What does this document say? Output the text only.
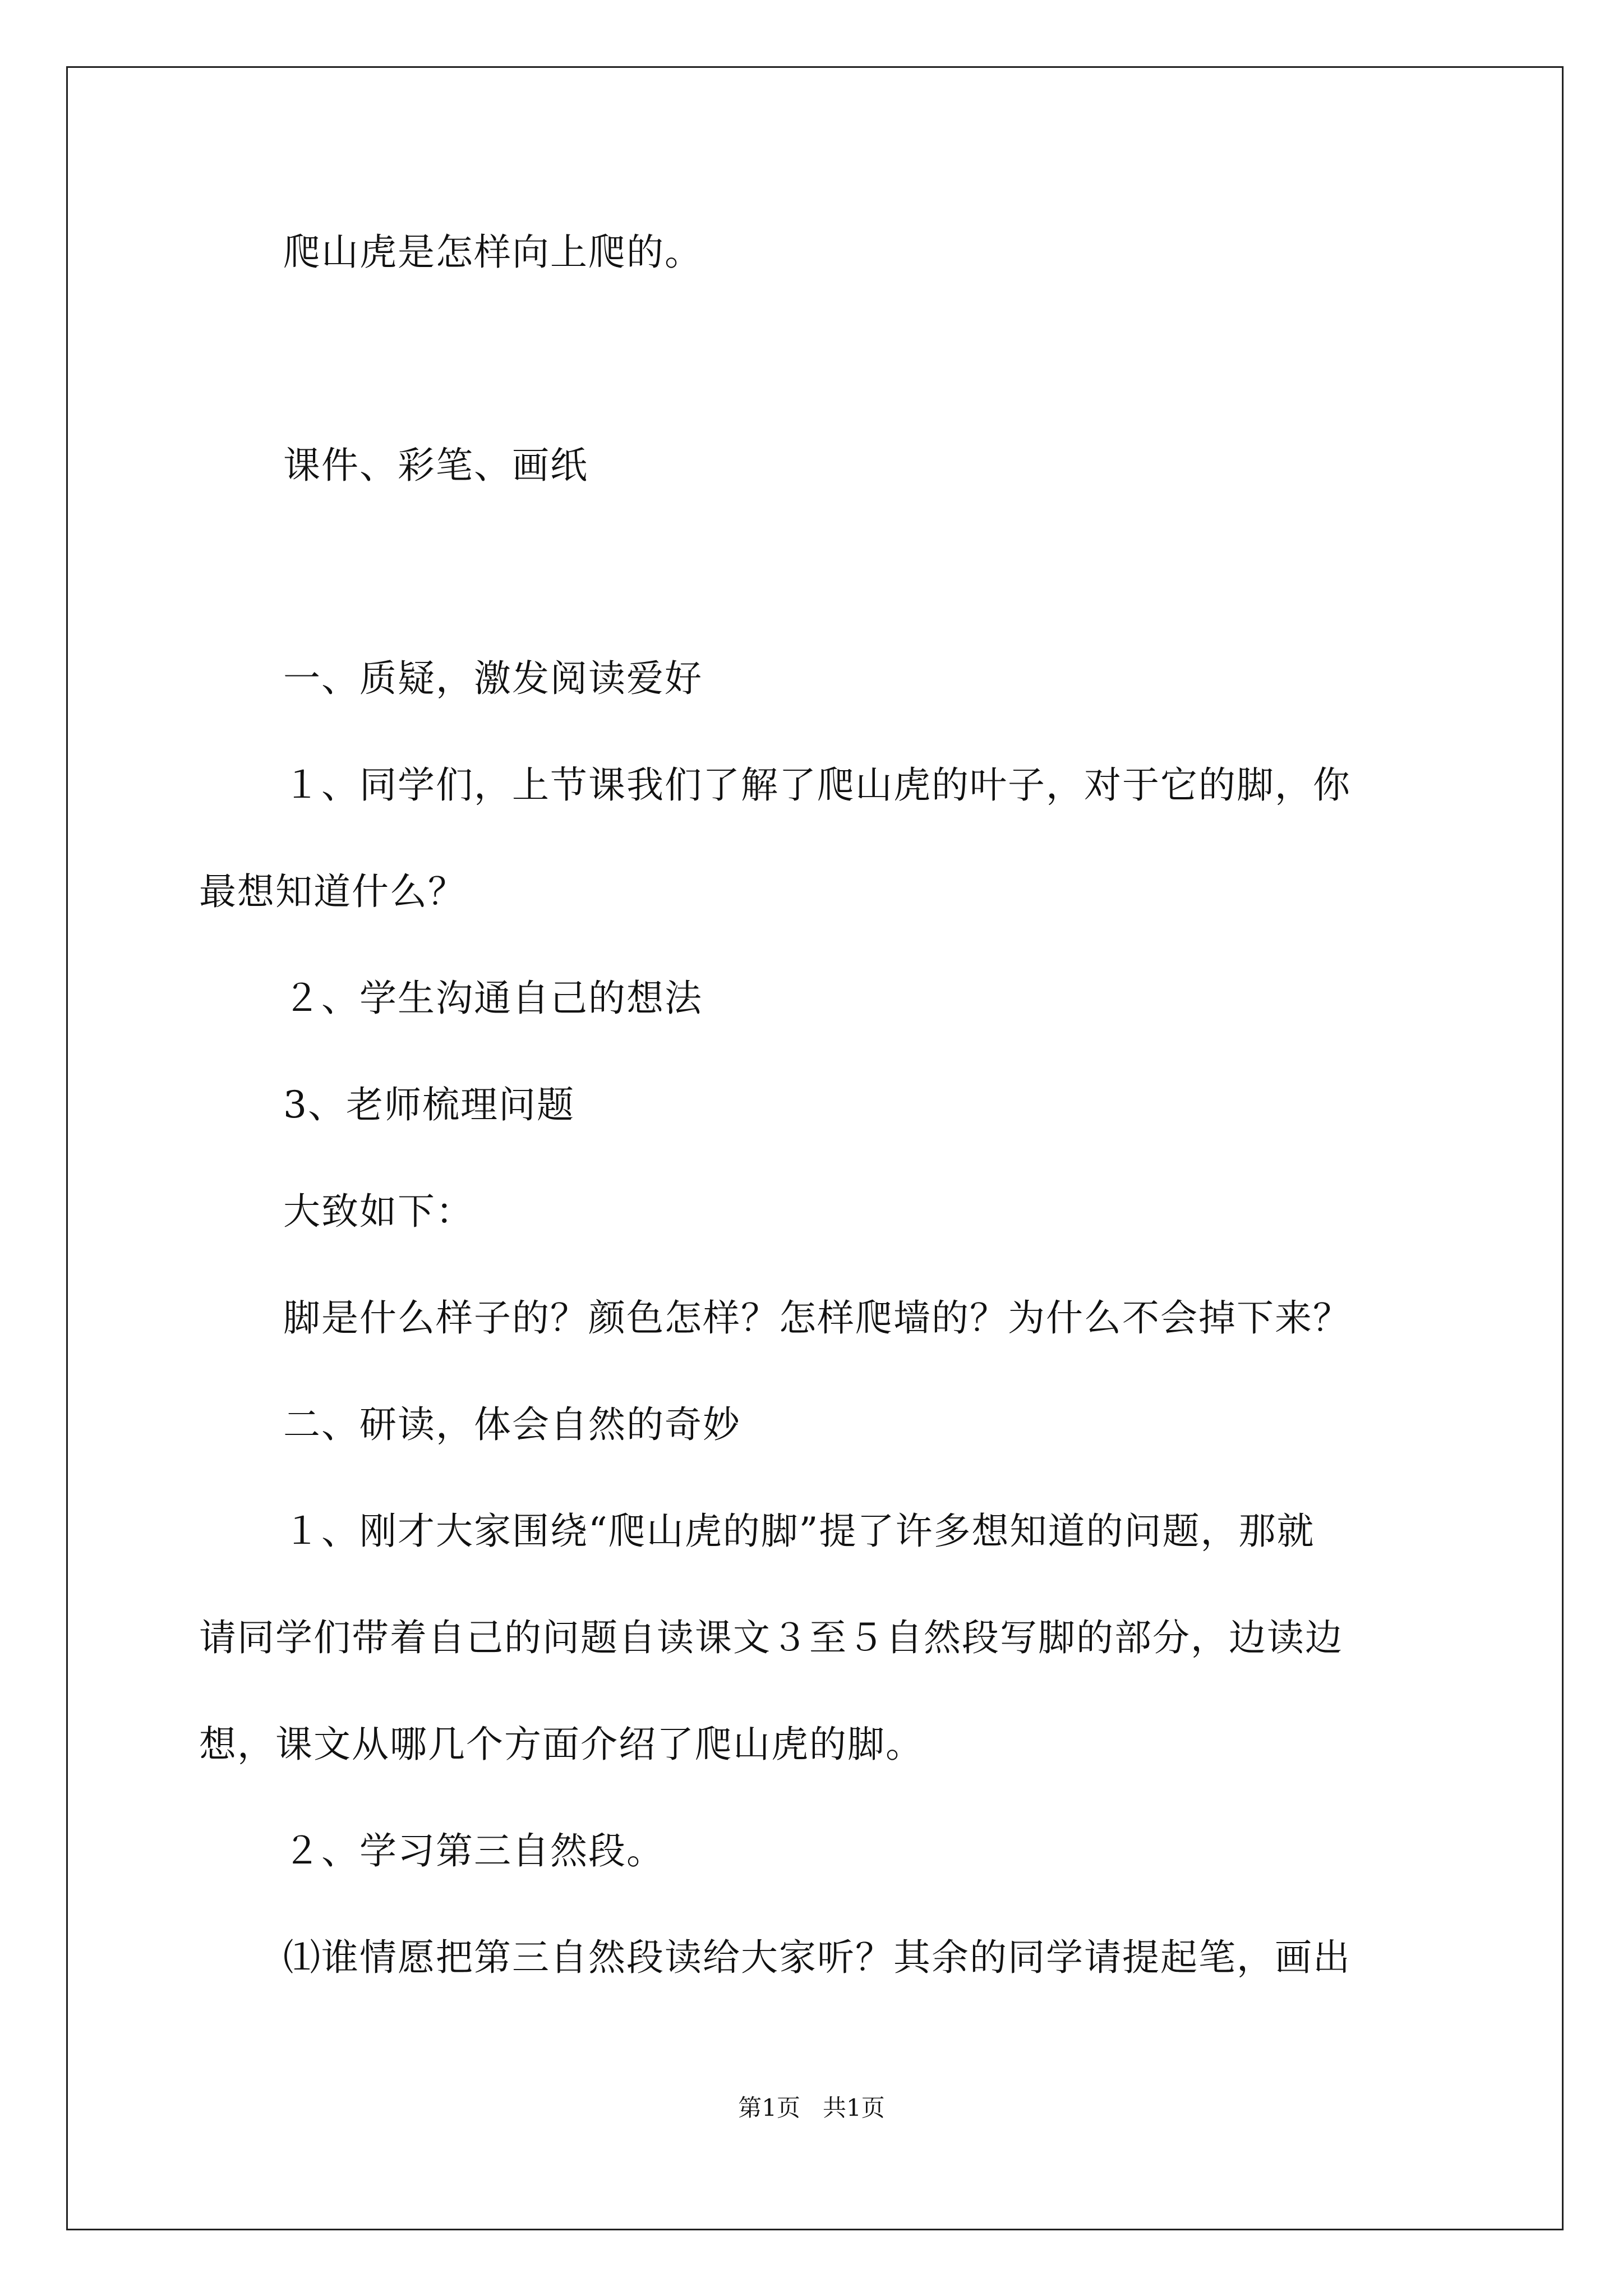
爬山虎是怎样向上爬的。
课件、彩笔、画纸
一、质疑，激发阅读爱好
１、同学们，上节课我们了解了爬山虎的叶子，对于它的脚，你
最想知道什么？
２、学生沟通自己的想法
3、老师梳理问题
大致如下：
脚是什么样子的？颜色怎样？怎样爬墙的？为什么不会掉下来？
二、研读，体会自然的奇妙
１、刚才大家围绕“爬山虎的脚”提了许多想知道的问题，那就
请同学们带着自己的问题自读课文３至５自然段写脚的部分，边读边
想，课文从哪几个方面介绍了爬山虎的脚。
２、学习第三自然段。
⑴谁情愿把第三自然段读给大家听？其余的同学请提起笔，画出
第1页   共1页
